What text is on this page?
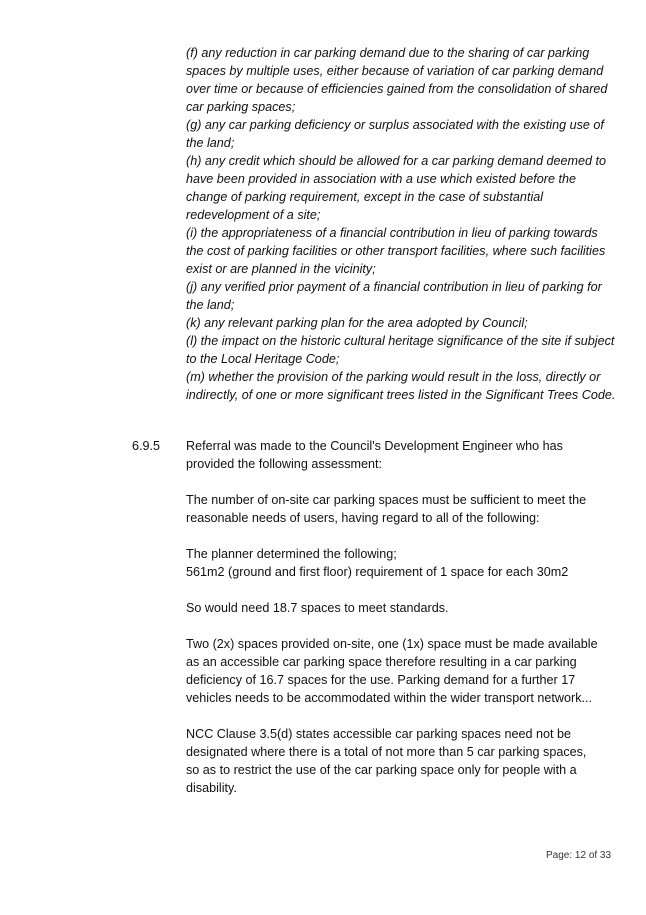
(f) any reduction in car parking demand due to the sharing of car parking spaces by multiple uses, either because of variation of car parking demand over time or because of efficiencies gained from the consolidation of shared car parking spaces;

(g) any car parking deficiency or surplus associated with the existing use of the land;

(h) any credit which should be allowed for a car parking demand deemed to have been provided in association with a use which existed before the change of parking requirement, except in the case of substantial redevelopment of a site;

(i) the appropriateness of a financial contribution in lieu of parking towards the cost of parking facilities or other transport facilities, where such facilities exist or are planned in the vicinity;

(j) any verified prior payment of a financial contribution in lieu of parking for the land;

(k) any relevant parking plan for the area adopted by Council;

(l) the impact on the historic cultural heritage significance of the site if subject to the Local Heritage Code;

(m) whether the provision of the parking would result in the loss, directly or indirectly, of one or more significant trees listed in the Significant Trees Code.

6.9.5	Referral was made to the Council's Development Engineer who has provided the following assessment:

The number of on-site car parking spaces must be sufficient to meet the reasonable needs of users, having regard to all of the following:

The planner determined the following;

561m2 (ground and first floor) requirement of 1 space for each 30m2

So would need 18.7 spaces to meet standards.

Two (2x) spaces provided on-site, one (1x) space must be made available as an accessible car parking space therefore resulting in a car parking deficiency of 16.7 spaces for the use. Parking demand for a further 17 vehicles needs to be accommodated within the wider transport network...

NCC Clause 3.5(d) states accessible car parking spaces need not be designated where there is a total of not more than 5 car parking spaces, so as to restrict the use of the car parking space only for people with a disability.

Page: 12 of 33
